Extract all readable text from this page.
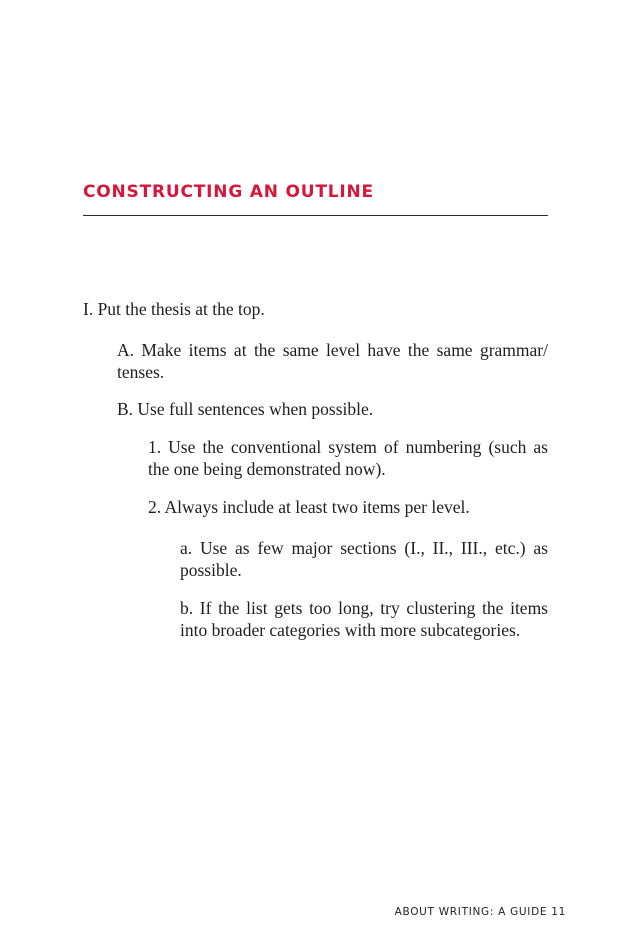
CONSTRUCTING AN OUTLINE

I. Put the thesis at the top.

A. Make items at the same level have the same grammar/ tenses.

B. Use full sentences when possible.

1. Use the conventional system of numbering (such as the one being demonstrated now).

2. Always include at least two items per level.

a. Use as few major sections (I., II., III., etc.) as possible.

b. If the list gets too long, try clustering the items into broader categories with more subcategories.

ABOUT WRITING: A GUIDE 11
